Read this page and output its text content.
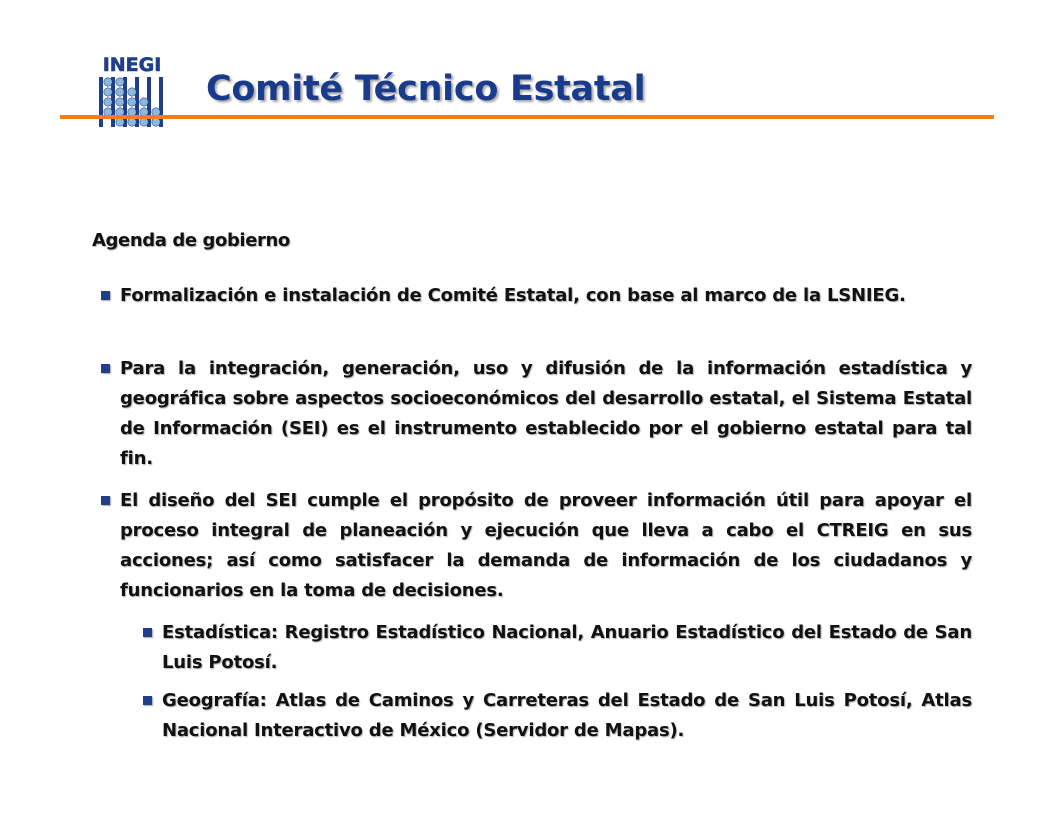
INEGI
Comité Técnico Estatal
Agenda de gobierno

Formalización e instalación de Comité Estatal, con base al marco de la LSNIEG.

Para la integración, generación, uso y difusión de la información estadística y geográfica sobre aspectos socioeconómicos del desarrollo estatal, el Sistema Estatal de Información (SEI) es el instrumento establecido por el gobierno estatal para tal fin.

El diseño del SEI cumple el propósito de proveer información útil para apoyar el proceso integral de planeación y ejecución que lleva a cabo el CTREIG en sus acciones; así como satisfacer la demanda de información de los ciudadanos y funcionarios en la toma de decisiones.

Estadística: Registro Estadístico Nacional, Anuario Estadístico del Estado de San Luis Potosí.

Geografía: Atlas de Caminos y Carreteras del Estado de San Luis Potosí, Atlas Nacional Interactivo de México (Servidor de Mapas).
